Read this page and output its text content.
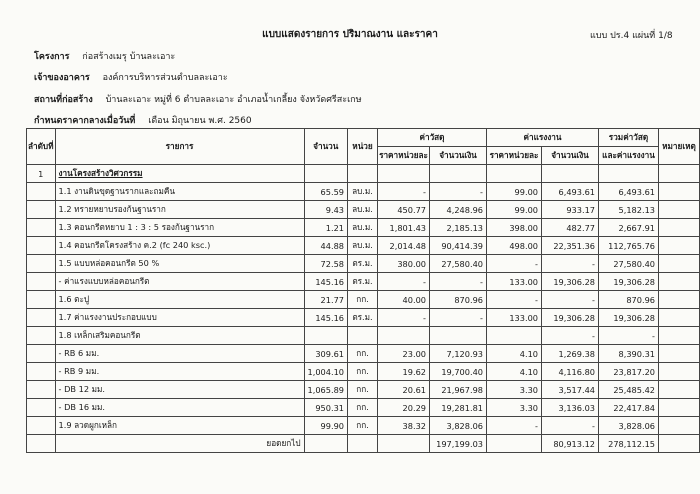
แบบแสดงรายการ ปริมาณงาน และราคา	แบบ ปร.4 แผ่นที่ 1/8
โครงการ ก่อสร้างเมรุ บ้านละเอาะ
เจ้าของอาคาร องค์การบริหารส่วนตำบลละเอาะ
สถานที่ก่อสร้าง บ้านละเอาะ หมู่ที่ 6 ตำบลละเอาะ อำเภอน้ำเกลี้ยง จังหวัดศรีสะเกษ
กำหนดราคากลางเมื่อวันที่ เดือน มิถุนายน พ.ศ. 2560
ลำดับที่	รายการ	จำนวน	หน่วย	ค่าวัสดุ		ค่าแรงงาน		รวมค่าวัสดุ	หมายเหตุ
				ราคาหน่วยละ	จำนวนเงิน	ราคาหน่วยละ	จำนวนเงิน	และค่าแรงงาน	
1	งานโครงสร้างวิศวกรรม								
	1.1 งานดินขุดฐานรากและถมคืน	65.59	ลบ.ม.	-	-	99.00	6,493.61	6,493.61	
	1.2 ทรายหยาบรองก้นฐานราก	9.43	ลบ.ม.	450.77	4,248.96	99.00	933.17	5,182.13	
	1.3 คอนกรีตหยาบ 1 : 3 : 5 รองก้นฐานราก	1.21	ลบ.ม.	1,801.43	2,185.13	398.00	482.77	2,667.91	
	1.4 คอนกรีตโครงสร้าง ค.2 (fc 240 ksc.)	44.88	ลบ.ม.	2,014.48	90,414.39	498.00	22,351.36	112,765.76	
	1.5 แบบหล่อคอนกรีต 50 %	72.58	ตร.ม.	380.00	27,580.40	-	-	27,580.40	
	- ค่าแรงแบบหล่อคอนกรีต	145.16	ตร.ม.	-	-	133.00	19,306.28	19,306.28	
	1.6 ตะปู	21.77	กก.	40.00	870.96	-	-	870.96	
	1.7 ค่าแรงงานประกอบแบบ	145.16	ตร.ม.	-	-	133.00	19,306.28	19,306.28	
	1.8 เหล็กเสริมคอนกรีต						-	-	
	- RB 6 มม.	309.61	กก.	23.00	7,120.93	4.10	1,269.38	8,390.31	
	- RB 9 มม.	1,004.10	กก.	19.62	19,700.40	4.10	4,116.80	23,817.20	
	- DB 12 มม.	1,065.89	กก.	20.61	21,967.98	3.30	3,517.44	25,485.42	
	- DB 16 มม.	950.31	กก.	20.29	19,281.81	3.30	3,136.03	22,417.84	
	1.9 ลวดผูกเหล็ก	99.90	กก.	38.32	3,828.06	-	-	3,828.06	
	ยอดยกไป				197,199.03		80,913.12	278,112.15	
